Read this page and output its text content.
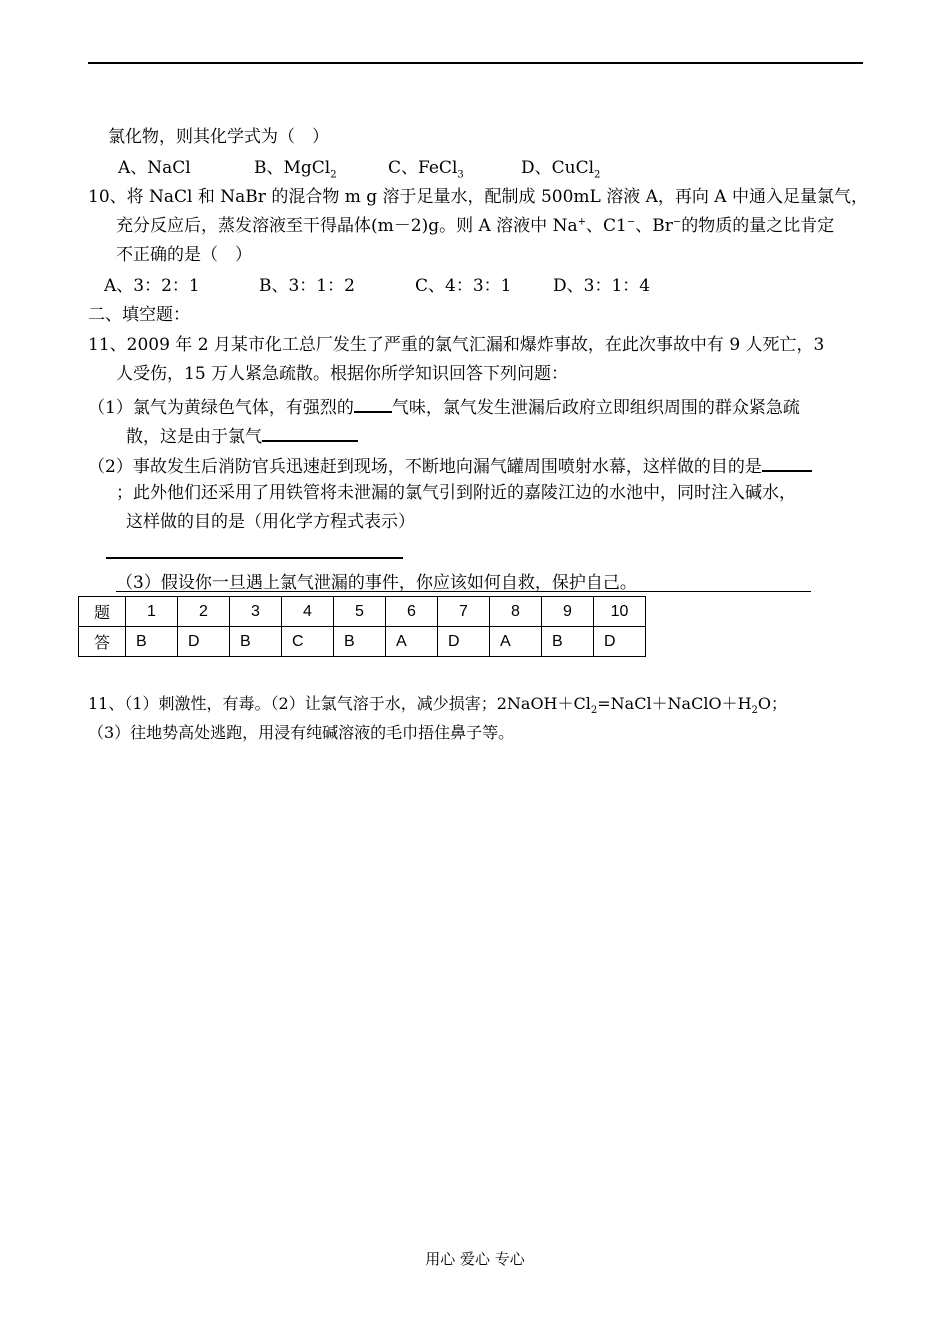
氯化物，则其化学式为（　）
A、NaCl	B、MgCl$_2$	C、FeCl$_3$	D、CuCl$_2$
10、将 NaCl 和 NaBr 的混合物 m g 溶于足量水，配制成 500mL 溶液 A，再向 A 中通入足量氯气，
充分反应后，蒸发溶液至干得晶体(m－2)g。则 A 溶液中 Na+、C1−、Br−的物质的量之比肯定
不正确的是（　）
A、3：2：1	B、3：1：2	C、4：3：1 D、3：1：4
二、填空题：
11、2009 年 2 月某市化工总厂发生了严重的氯气汇漏和爆炸事故，在此次事故中有 9 人死亡，3
人受伤，15 万人紧急疏散。根据你所学知识回答下列问题：
（1）氯气为黄绿色气体，有强烈的 气味，氯气发生泄漏后政府立即组织周围的群众紧急疏
散，这是由于氯气
（2）事故发生后消防官兵迅速赶到现场，不断地向漏气罐周围喷射水幕，这样做的目的是
；此外他们还采用了用铁管将未泄漏的氯气引到附近的嘉陵江边的水池中，同时注入碱水，
这样做的目的是（用化学方程式表示）
（3）假设你一旦遇上氯气泄漏的事件，你应该如何自救，保护自己。
题	1	2	3	4	5	6	7	8	9	10
答	B	D	B	C	B	A	D	A	B	D
11、（1）刺激性，有毒。（2）让氯气溶于水，减少损害；$2NaOH+Cl_2=NaCl+NaClO+H_2O$；
（3）往地势高处逃跑，用浸有纯碱溶液的毛巾捂住鼻子等。
用心 爱心 专心
